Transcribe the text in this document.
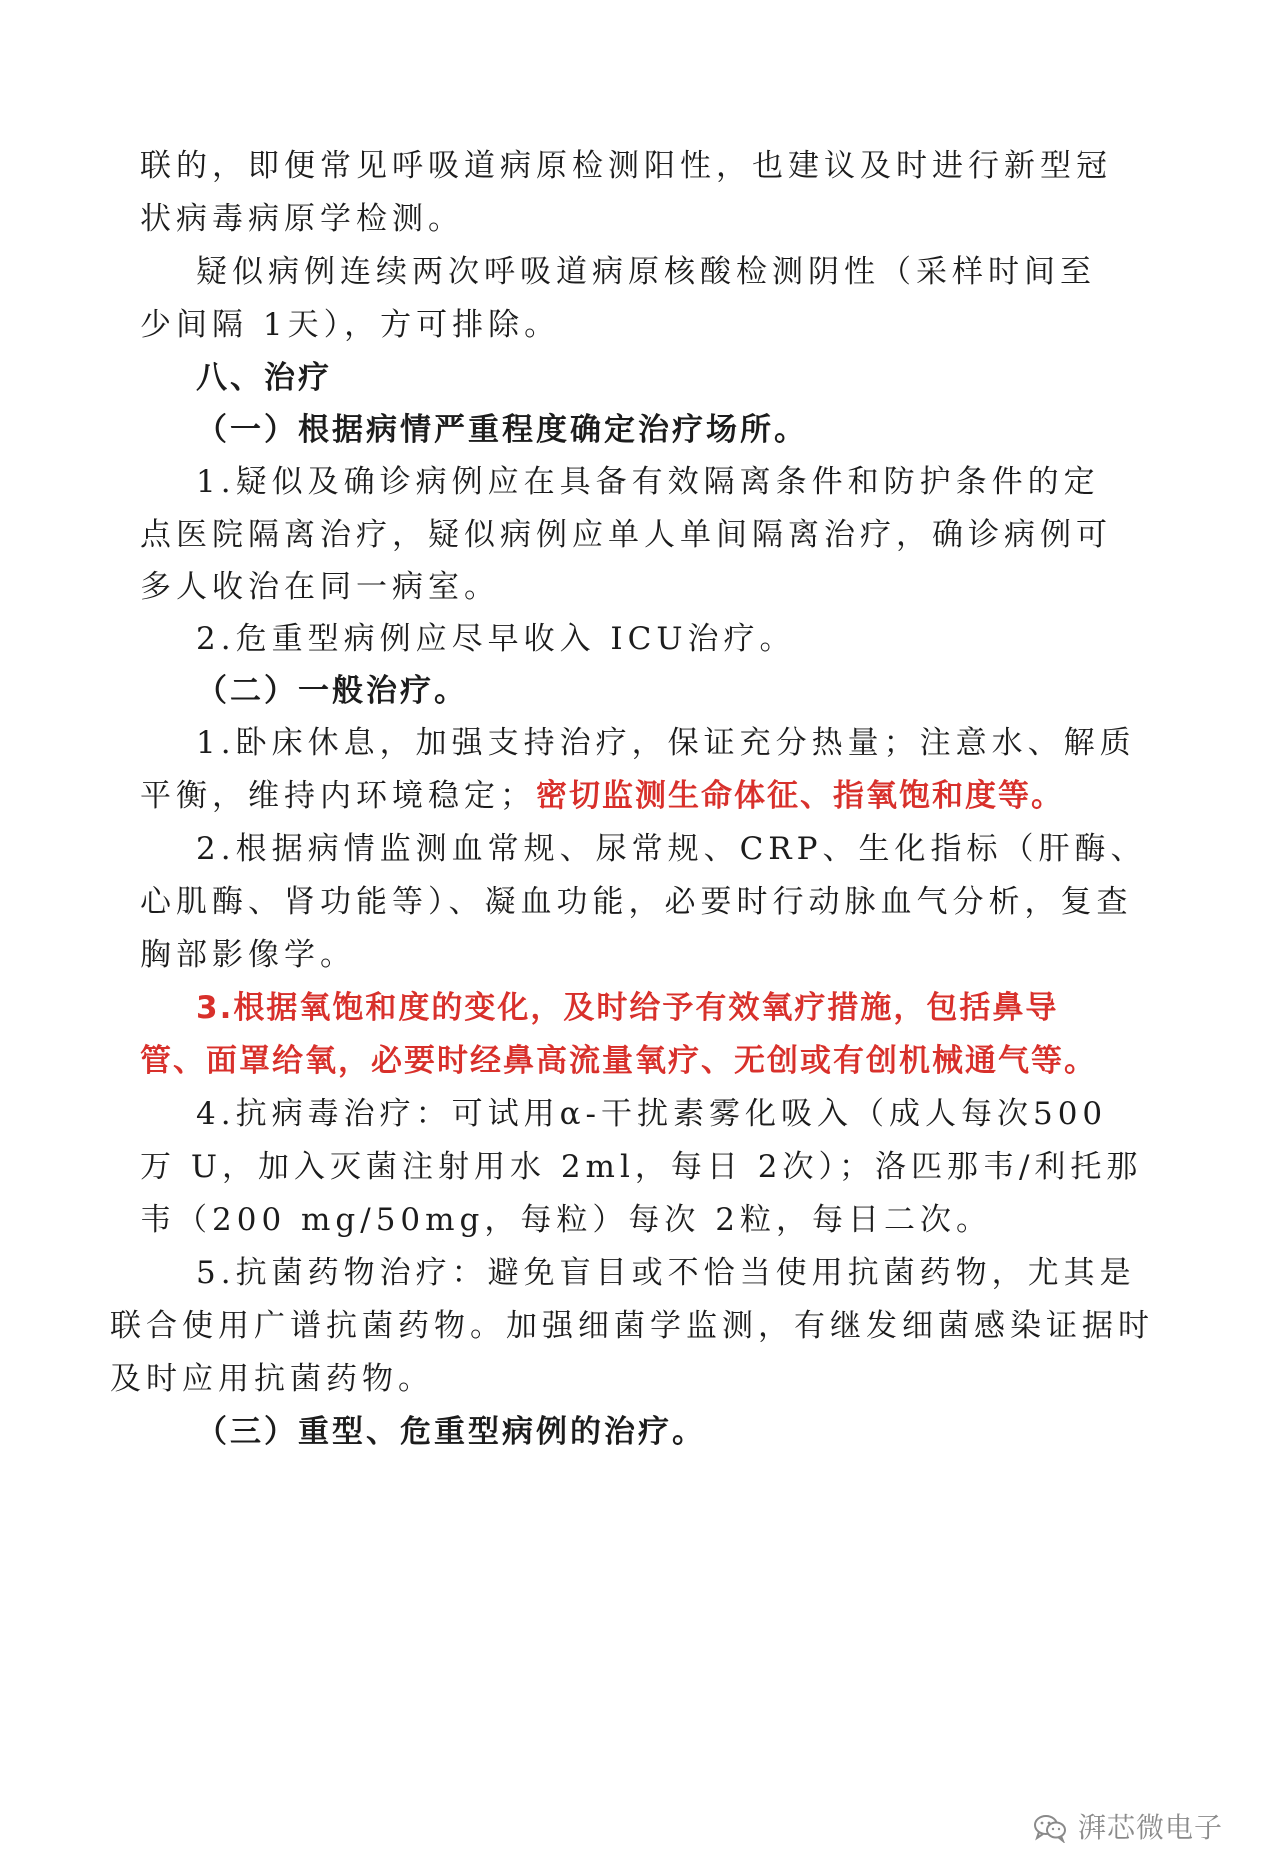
联的，即便常见呼吸道病原检测阳性，也建议及时进行新型冠
状病毒病原学检测。
疑似病例连续两次呼吸道病原核酸检测阴性（采样时间至
少间隔 1天），方可排除。
八、治疗
（一）根据病情严重程度确定治疗场所。
1.疑似及确诊病例应在具备有效隔离条件和防护条件的定
点医院隔离治疗，疑似病例应单人单间隔离治疗，确诊病例可
多人收治在同一病室。
2.危重型病例应尽早收入 ICU治疗。
（二）一般治疗。
1.卧床休息，加强支持治疗，保证充分热量；注意水、解质
平衡，维持内环境稳定；密切监测生命体征、指氧饱和度等。
2.根据病情监测血常规、尿常规、CRP、生化指标（肝酶、
心肌酶、肾功能等）、凝血功能，必要时行动脉血气分析，复查
胸部影像学。
3.根据氧饱和度的变化，及时给予有效氧疗措施，包括鼻导
管、面罩给氧，必要时经鼻高流量氧疗、无创或有创机械通气等。
4.抗病毒治疗：可试用α-干扰素雾化吸入（成人每次500
万 U，加入灭菌注射用水 2ml，每日 2次）；洛匹那韦/利托那
韦（200 mg/50mg，每粒）每次 2粒，每日二次。
5.抗菌药物治疗：避免盲目或不恰当使用抗菌药物，尤其是
联合使用广谱抗菌药物。加强细菌学监测，有继发细菌感染证据时
及时应用抗菌药物。
（三）重型、危重型病例的治疗。
湃芯微电子
